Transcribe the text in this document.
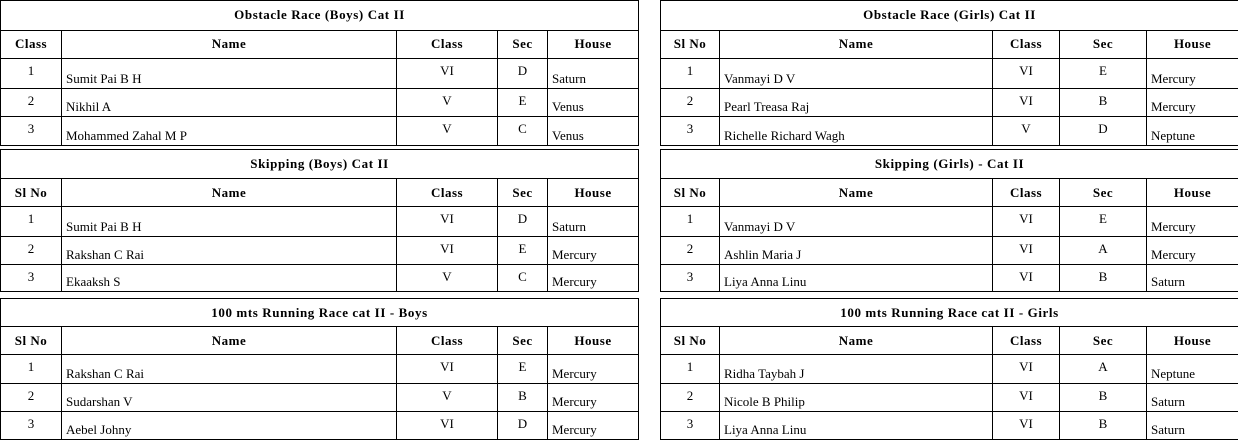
Obstacle Race (Boys) Cat II				
Class	Name	Class	Sec	House
1	Sumit Pai B H	VI	D	Saturn
2	Nikhil A	V	E	Venus
3	Mohammed Zahal M P	V	C	Venus
Skipping (Boys) Cat II				
Sl No	Name	Class	Sec	House
1	Sumit Pai B H	VI	D	Saturn
2	Rakshan C Rai	VI	E	Mercury
3	Ekaaksh S	V	C	Mercury
100 mts Running Race cat II - Boys				
Sl No	Name	Class	Sec	House
1	Rakshan C Rai	VI	E	Mercury
2	Sudarshan V	V	B	Mercury
3	Aebel Johny	VI	D	Mercury
Obstacle Race (Girls) Cat II				
Sl No	Name	Class	Sec	House
1	Vanmayi D V	VI	E	Mercury
2	Pearl Treasa Raj	VI	B	Mercury
3	Richelle Richard Wagh	V	D	Neptune
Skipping (Girls) - Cat II				
Sl No	Name	Class	Sec	House
1	Vanmayi D V	VI	E	Mercury
2	Ashlin Maria J	VI	A	Mercury
3	Liya Anna Linu	VI	B	Saturn
100 mts Running Race cat II - Girls				
Sl No	Name	Class	Sec	House
1	Ridha Taybah J	VI	A	Neptune
2	Nicole B Philip	VI	B	Saturn
3	Liya Anna Linu	VI	B	Saturn
